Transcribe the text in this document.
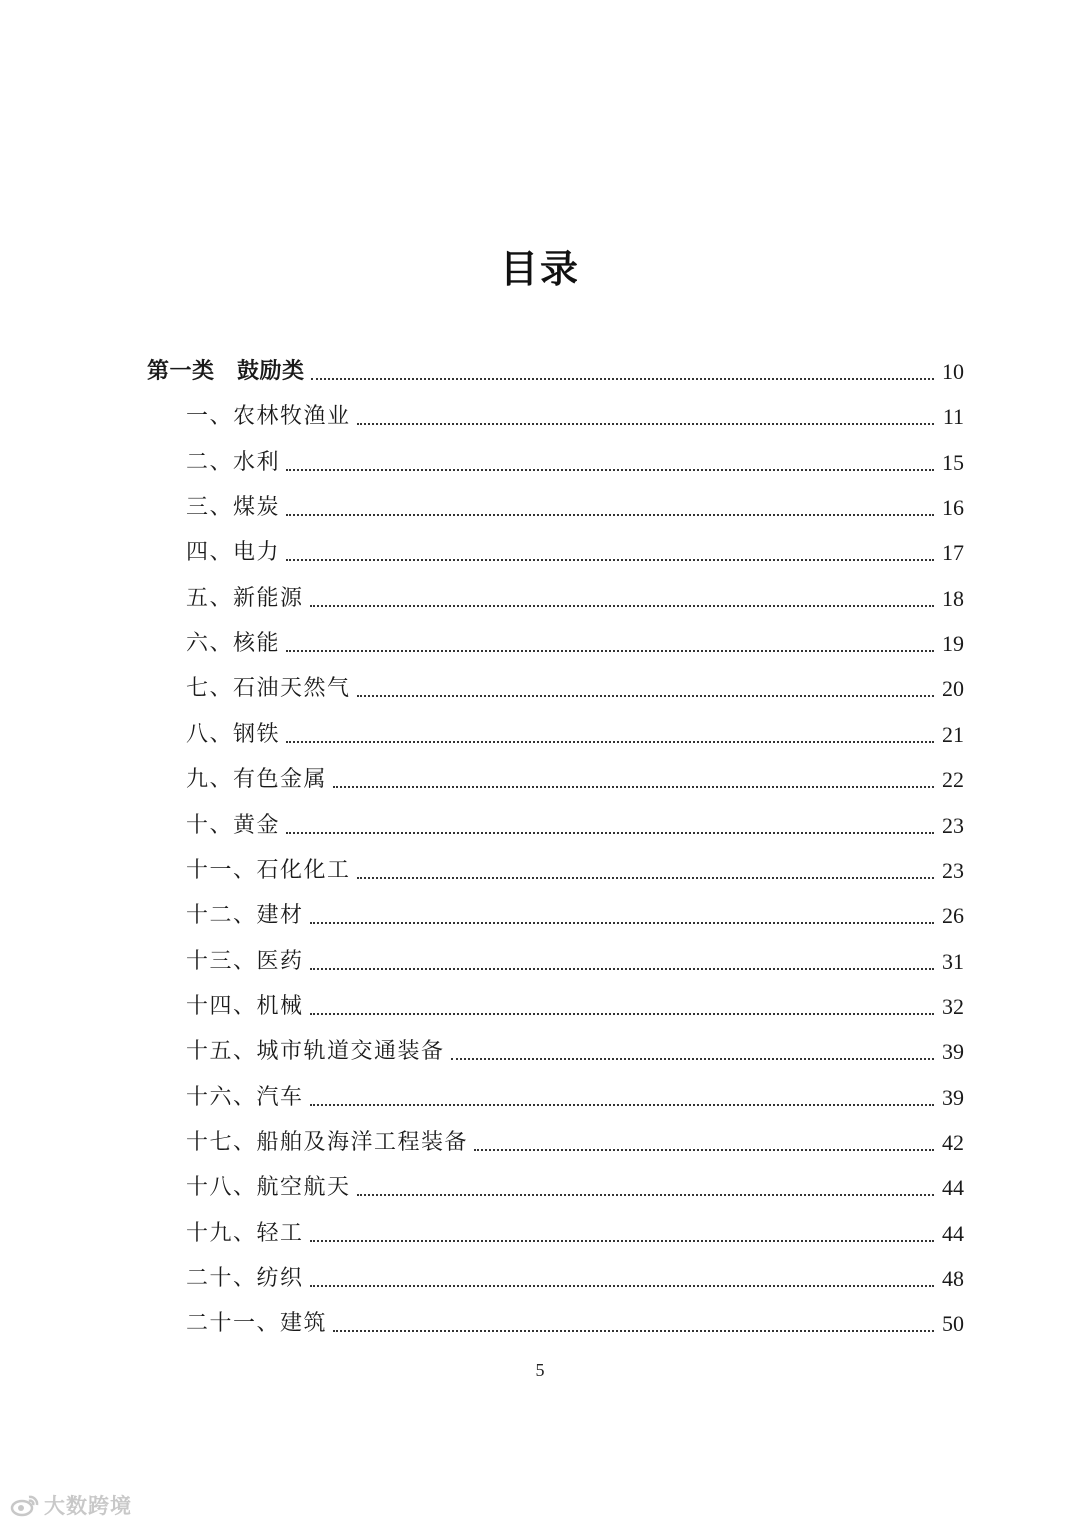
目录
第一类　鼓励类	10
一、农林牧渔业	11
二、水利	15
三、煤炭	16
四、电力	17
五、新能源	18
六、核能	19
七、石油天然气	20
八、钢铁	21
九、有色金属	22
十、黄金	23
十一、石化化工	23
十二、建材	26
十三、医药	31
十四、机械	32
十五、城市轨道交通装备	39
十六、汽车	39
十七、船舶及海洋工程装备	42
十八、航空航天	44
十九、轻工	44
二十、纺织	48
二十一、建筑	50
5
大数跨境
